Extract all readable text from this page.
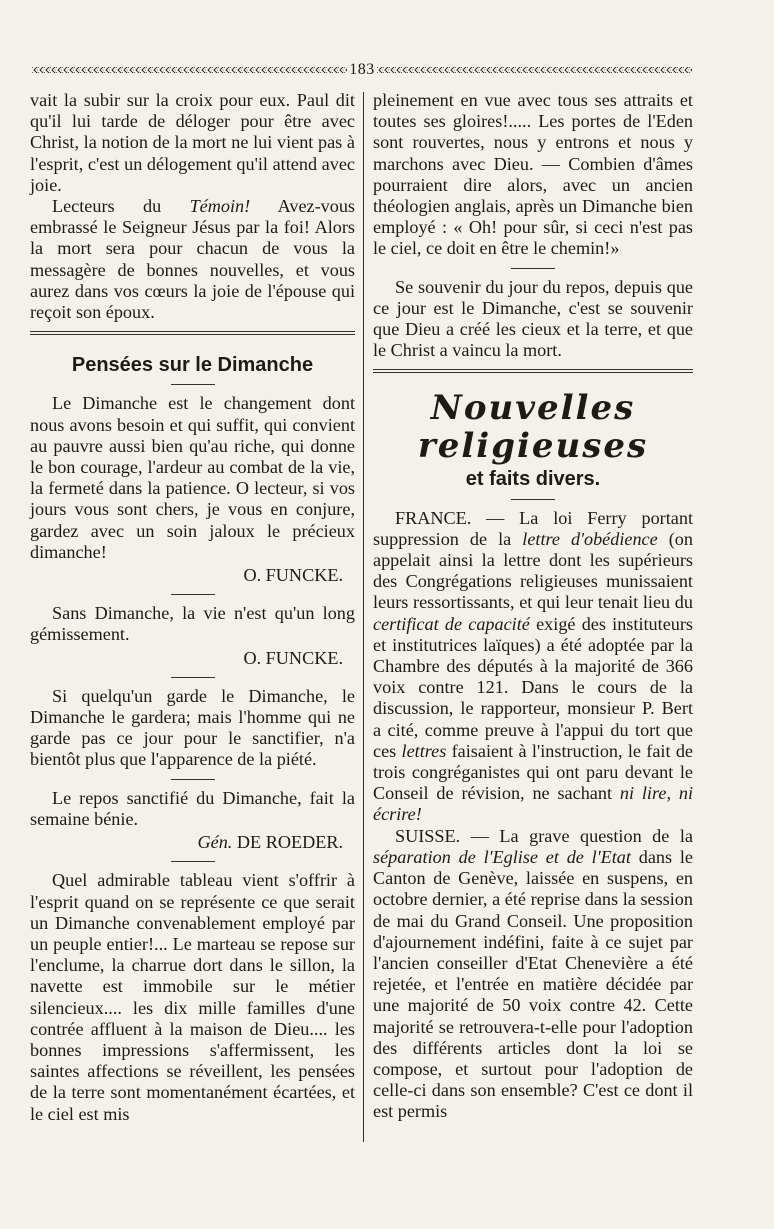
183

vait la subir sur la croix pour eux. Paul dit qu'il lui tarde de déloger pour être avec Christ, la notion de la mort ne lui vient pas à l'esprit, c'est un délogement qu'il attend avec joie.

Lecteurs du Témoin! Avez-vous embrassé le Seigneur Jésus par la foi! Alors la mort sera pour chacun de vous la messagère de bonnes nouvelles, et vous aurez dans vos cœurs la joie de l'épouse qui reçoit son époux.

Pensées sur le Dimanche

Le Dimanche est le changement dont nous avons besoin et qui suffit, qui convient au pauvre aussi bien qu'au riche, qui donne le bon courage, l'ardeur au combat de la vie, la fermeté dans la patience. O lecteur, si vos jours vous sont chers, je vous en conjure, gardez avec un soin jaloux le précieux dimanche!

O. FUNCKE.

Sans Dimanche, la vie n'est qu'un long gémissement.

O. FUNCKE.

Si quelqu'un garde le Dimanche, le Dimanche le gardera; mais l'homme qui ne garde pas ce jour pour le sanctifier, n'a bientôt plus que l'apparence de la piété.

Le repos sanctifié du Dimanche, fait la semaine bénie.

Gén. DE ROEDER.

Quel admirable tableau vient s'offrir à l'esprit quand on se représente ce que serait un Dimanche convenablement employé par un peuple entier!... Le marteau se repose sur l'enclume, la charrue dort dans le sillon, la navette est immobile sur le métier silencieux.... les dix mille familles d'une contrée affluent à la maison de Dieu.... les bonnes impressions s'affermissent, les saintes affections se réveillent, les pensées de la terre sont momentanément écartées, et le ciel est mis

pleinement en vue avec tous ses attraits et toutes ses gloires!..... Les portes de l'Eden sont rouvertes, nous y entrons et nous y marchons avec Dieu. — Combien d'âmes pourraient dire alors, avec un ancien théologien anglais, après un Dimanche bien employé : « Oh! pour sûr, si ceci n'est pas le ciel, ce doit en être le chemin!»

Se souvenir du jour du repos, depuis que ce jour est le Dimanche, c'est se souvenir que Dieu a créé les cieux et la terre, et que le Christ a vaincu la mort.

Nouvelles religieuses
et faits divers.

FRANCE. — La loi Ferry portant suppression de la lettre d'obédience (on appelait ainsi la lettre dont les supérieurs des Congrégations religieuses munissaient leurs ressortissants, et qui leur tenait lieu du certificat de capacité exigé des instituteurs et institutrices laïques) a été adoptée par la Chambre des députés à la majorité de 366 voix contre 121. Dans le cours de la discussion, le rapporteur, monsieur P. Bert a cité, comme preuve à l'appui du tort que ces lettres faisaient à l'instruction, le fait de trois congréganistes qui ont paru devant le Conseil de révision, ne sachant ni lire, ni écrire!

SUISSE. — La grave question de la séparation de l'Eglise et de l'Etat dans le Canton de Genève, laissée en suspens, en octobre dernier, a été reprise dans la session de mai du Grand Conseil. Une proposition d'ajournement indéfini, faite à ce sujet par l'ancien conseiller d'Etat Chenevière a été rejetée, et l'entrée en matière décidée par une majorité de 50 voix contre 42. Cette majorité se retrouvera-t-elle pour l'adoption des différents articles dont la loi se compose, et surtout pour l'adoption de celle-ci dans son ensemble? C'est ce dont il est permis
